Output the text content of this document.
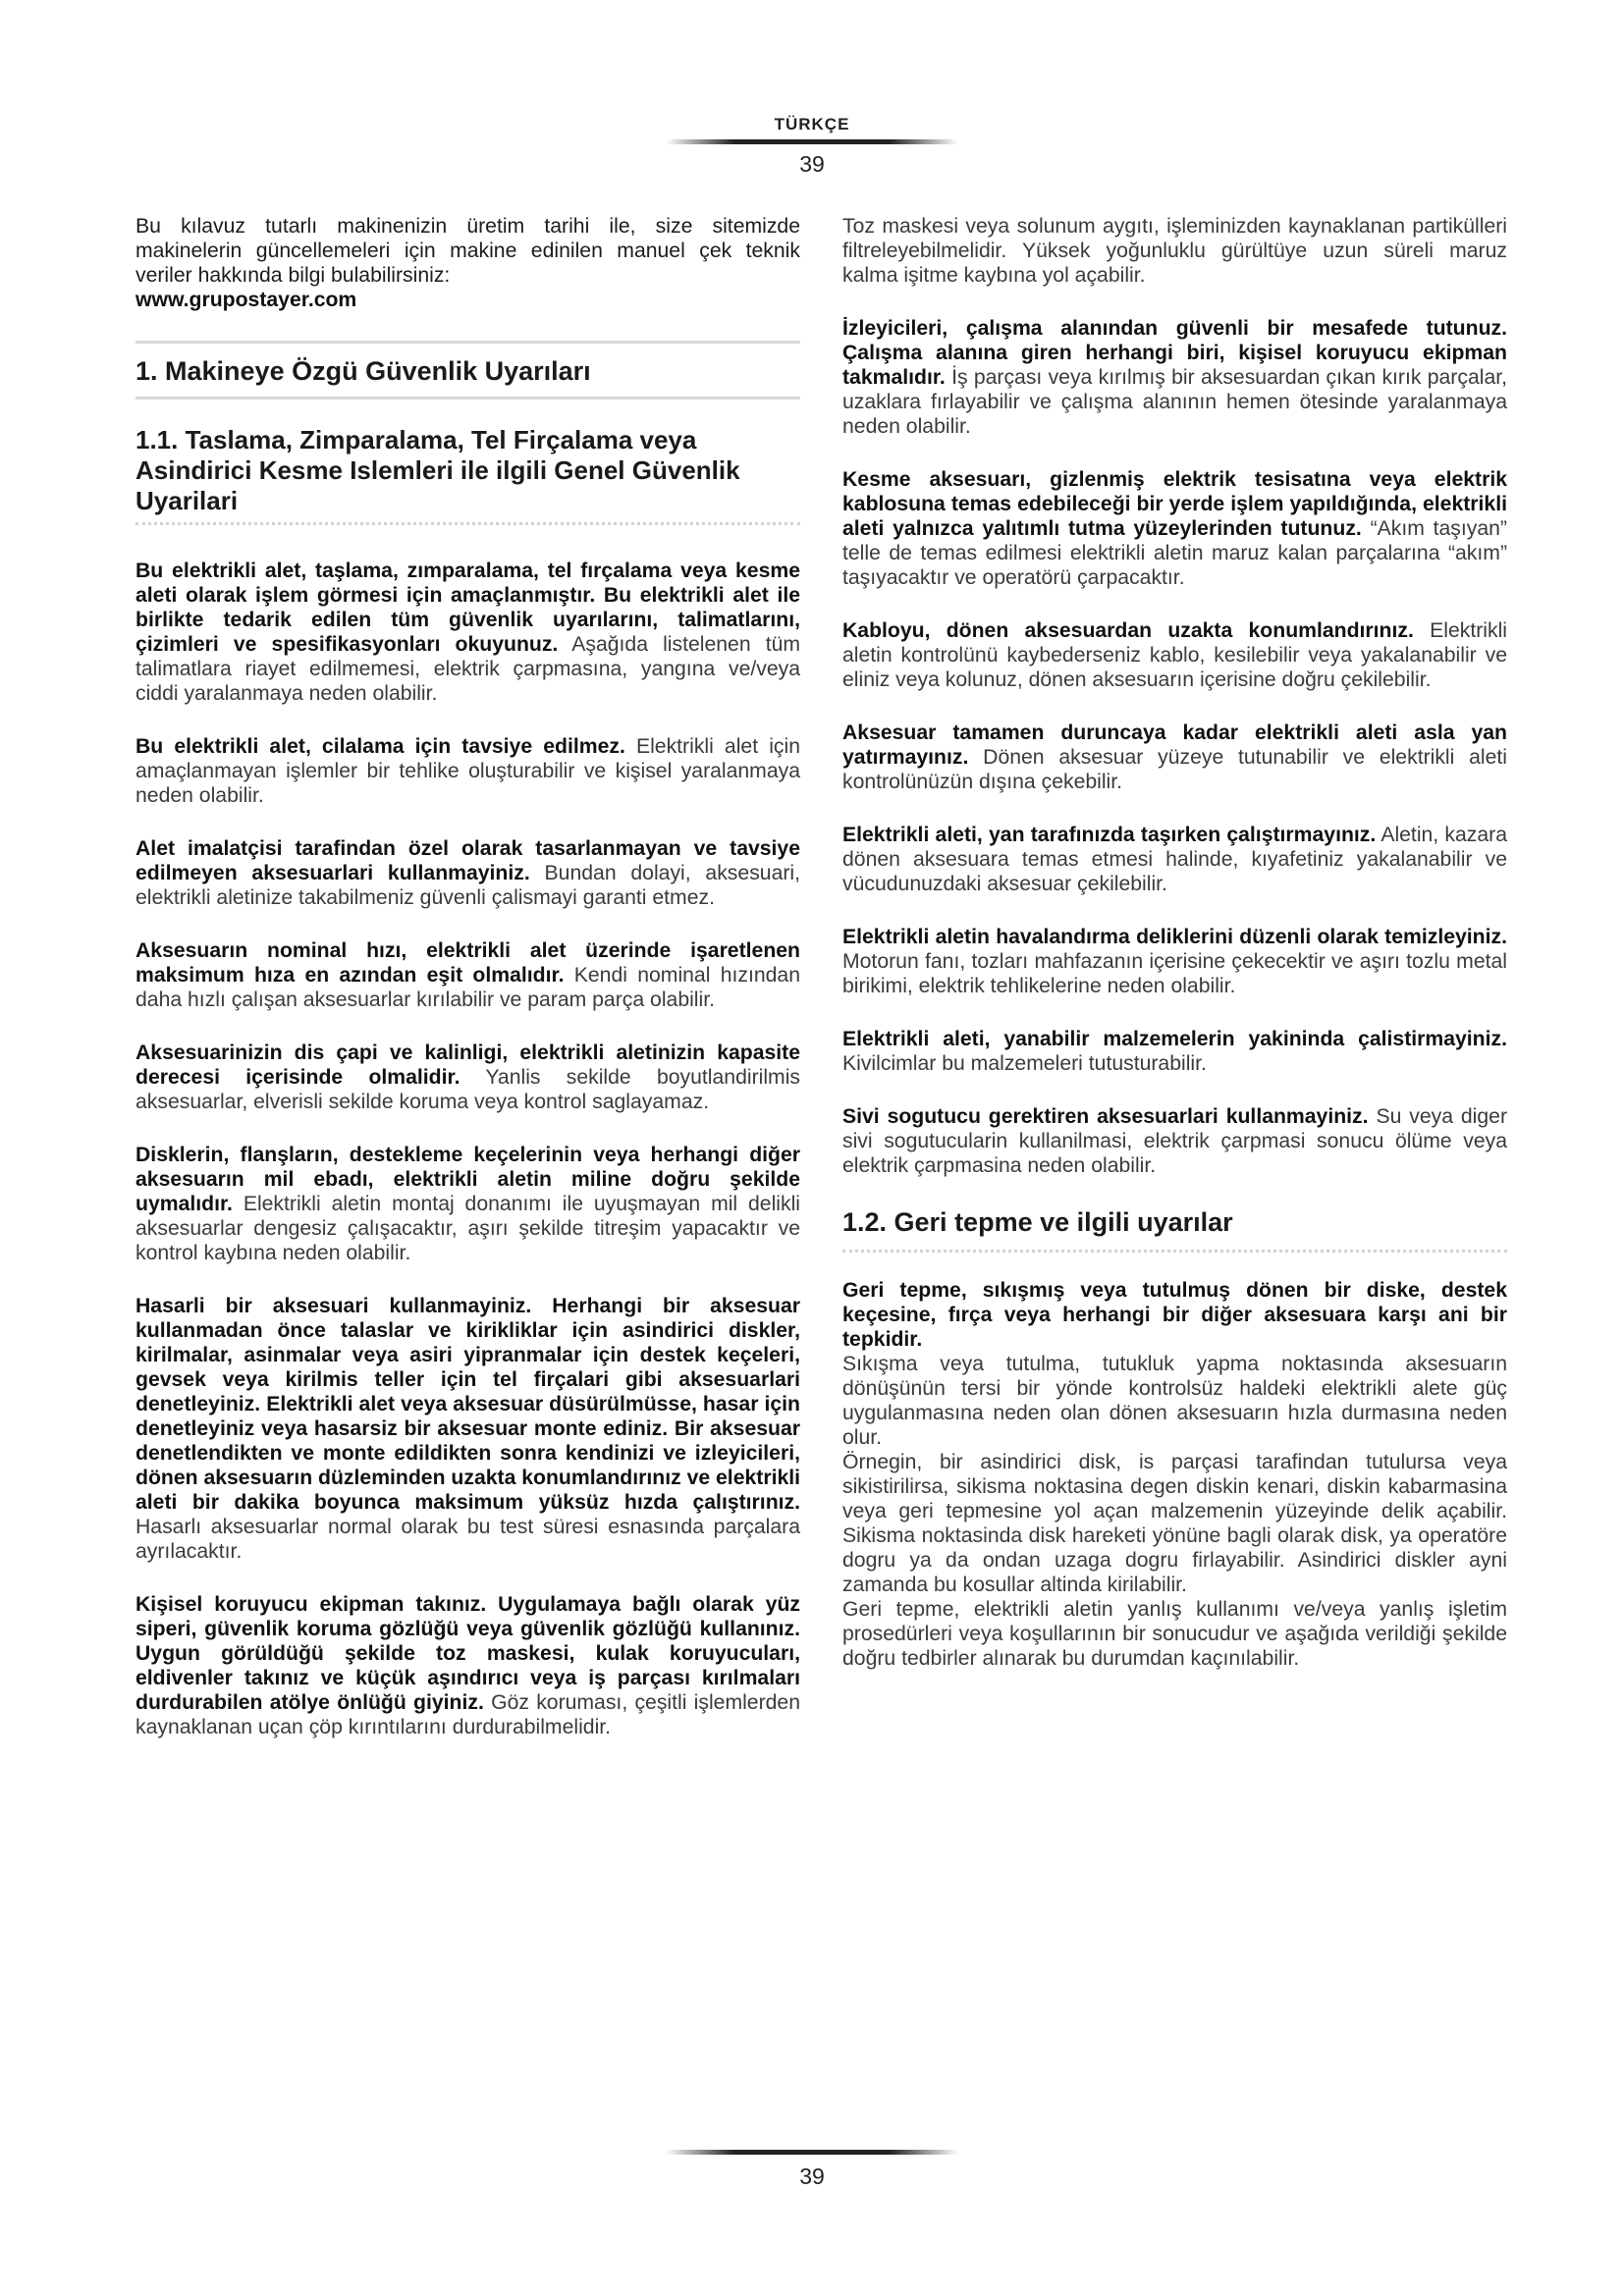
TÜRKÇE
39

Bu kılavuz tutarlı makinenizin üretim tarihi ile, size sitemizde makinelerin güncellemeleri için makine edinilen manuel çek teknik veriler hakkında bilgi bulabilirsiniz:
www.grupostayer.com

1. Makineye Özgü Güvenlik Uyarıları
1.1. Taslama, Zimparalama, Tel Firçalama veya Asindirici Kesme Islemleri ile ilgili Genel Güvenlik Uyarilari

Bu elektrikli alet, taşlama, zımparalama, tel fırçalama veya kesme aleti olarak işlem görmesi için amaçlanmıştır. Bu elektrikli alet ile birlikte tedarik edilen tüm güvenlik uyarılarını, talimatlarını, çizimleri ve spesifikasyonları okuyunuz. Aşağıda listelenen tüm talimatlara riayet edilmemesi, elektrik çarpmasına, yangına ve/veya ciddi yaralanmaya neden olabilir.

Bu elektrikli alet, cilalama için tavsiye edilmez. Elektrikli alet için amaçlanmayan işlemler bir tehlike oluşturabilir ve kişisel yaralanmaya neden olabilir.

Alet imalatçisi tarafindan özel olarak tasarlanmayan ve tavsiye edilmeyen aksesuarlari kullanmayiniz. Bundan dolayi, aksesuari, elektrikli aletinize takabilmeniz güvenli çalismayi garanti etmez.

Aksesuarın nominal hızı, elektrikli alet üzerinde işaretlenen maksimum hıza en azından eşit olmalıdır. Kendi nominal hızından daha hızlı çalışan aksesuarlar kırılabilir ve param parça olabilir.

Aksesuarinizin dis çapi ve kalinligi, elektrikli aletinizin kapasite derecesi içerisinde olmalidir. Yanlis sekilde boyutlandirilmis aksesuarlar, elverisli sekilde koruma veya kontrol saglayamaz.

Disklerin, flanşların, destekleme keçelerinin veya herhangi diğer aksesuarın mil ebadı, elektrikli aletin miline doğru şekilde uymalıdır. Elektrikli aletin montaj donanımı ile uyuşmayan mil delikli aksesuarlar dengesiz çalışacaktır, aşırı şekilde titreşim yapacaktır ve kontrol kaybına neden olabilir.

Hasarli bir aksesuari kullanmayiniz. Herhangi bir aksesuar kullanmadan önce talaslar ve kirikliklar için asindirici diskler, kirilmalar, asinmalar veya asiri yipranmalar için destek keçeleri, gevsek veya kirilmis teller için tel firçalari gibi aksesuarlari denetleyiniz. Elektrikli alet veya aksesuar düsürülmüsse, hasar için denetleyiniz veya hasarsiz bir aksesuar monte ediniz. Bir aksesuar denetlendikten ve monte edildikten sonra kendinizi ve izleyicileri, dönen aksesuarın düzleminden uzakta konumlandırınız ve elektrikli aleti bir dakika boyunca maksimum yüksüz hızda çalıştırınız. Hasarlı aksesuarlar normal olarak bu test süresi esnasında parçalara ayrılacaktır.

Kişisel koruyucu ekipman takınız. Uygulamaya bağlı olarak yüz siperi, güvenlik koruma gözlüğü veya güvenlik gözlüğü kullanınız. Uygun görüldüğü şekilde toz maskesi, kulak koruyucuları, eldivenler takınız ve küçük aşındırıcı veya iş parçası kırılmaları durdurabilen atölye önlüğü giyiniz. Göz koruması, çeşitli işlemlerden kaynaklanan uçan çöp kırıntılarını durdurabilmelidir.

Toz maskesi veya solunum aygıtı, işleminizden kaynaklanan partikülleri filtreleyebilmelidir. Yüksek yoğunluklu gürültüye uzun süreli maruz kalma işitme kaybına yol açabilir.

İzleyicileri, çalışma alanından güvenli bir mesafede tutunuz. Çalışma alanına giren herhangi biri, kişisel koruyucu ekipman takmalıdır. İş parçası veya kırılmış bir aksesuardan çıkan kırık parçalar, uzaklara fırlayabilir ve çalışma alanının hemen ötesinde yaralanmaya neden olabilir.

Kesme aksesuarı, gizlenmiş elektrik tesisatına veya elektrik kablosuna temas edebileceği bir yerde işlem yapıldığında, elektrikli aleti yalnızca yalıtımlı tutma yüzeylerinden tutunuz. “Akım taşıyan” telle de temas edilmesi elektrikli aletin maruz kalan parçalarına “akım” taşıyacaktır ve operatörü çarpacaktır.

Kabloyu, dönen aksesuardan uzakta konumlandırınız. Elektrikli aletin kontrolünü kaybederseniz kablo, kesilebilir veya yakalanabilir ve eliniz veya kolunuz, dönen aksesuarın içerisine doğru çekilebilir.

Aksesuar tamamen duruncaya kadar elektrikli aleti asla yan yatırmayınız. Dönen aksesuar yüzeye tutunabilir ve elektrikli aleti kontrolünüzün dışına çekebilir.

Elektrikli aleti, yan tarafınızda taşırken çalıştırmayınız. Aletin, kazara dönen aksesuara temas etmesi halinde, kıyafetiniz yakalanabilir ve vücudunuzdaki aksesuar çekilebilir.

Elektrikli aletin havalandırma deliklerini düzenli olarak temizleyiniz. Motorun fanı, tozları mahfazanın içerisine çekecektir ve aşırı tozlu metal birikimi, elektrik tehlikelerine neden olabilir.

Elektrikli aleti, yanabilir malzemelerin yakininda çalistirmayiniz. Kivilcimlar bu malzemeleri tutusturabilir.

Sivi sogutucu gerektiren aksesuarlari kullanmayiniz. Su veya diger sivi sogutucularin kullanilmasi, elektrik çarpmasi sonucu ölüme veya elektrik çarpmasina neden olabilir.

1.2. Geri tepme ve ilgili uyarılar

Geri tepme, sıkışmış veya tutulmuş dönen bir diske, destek keçesine, fırça veya herhangi bir diğer aksesuara karşı ani bir tepkidir.
Sıkışma veya tutulma, tutukluk yapma noktasında aksesuarın dönüşünün tersi bir yönde kontrolsüz haldeki elektrikli alete güç uygulanmasına neden olan dönen aksesuarın hızla durmasına neden olur.
Örnegin, bir asindirici disk, is parçasi tarafindan tutulursa veya sikistirilirsa, sikisma noktasina degen diskin kenari, diskin kabarmasina veya geri tepmesine yol açan malzemenin yüzeyinde delik açabilir. Sikisma noktasinda disk hareketi yönüne bagli olarak disk, ya operatöre dogru ya da ondan uzaga dogru firlayabilir. Asindirici diskler ayni zamanda bu kosullar altinda kirilabilir.
Geri tepme, elektrikli aletin yanlış kullanımı ve/veya yanlış işletim prosedürleri veya koşullarının bir sonucudur ve aşağıda verildiği şekilde doğru tedbirler alınarak bu durumdan kaçınılabilir.

39
